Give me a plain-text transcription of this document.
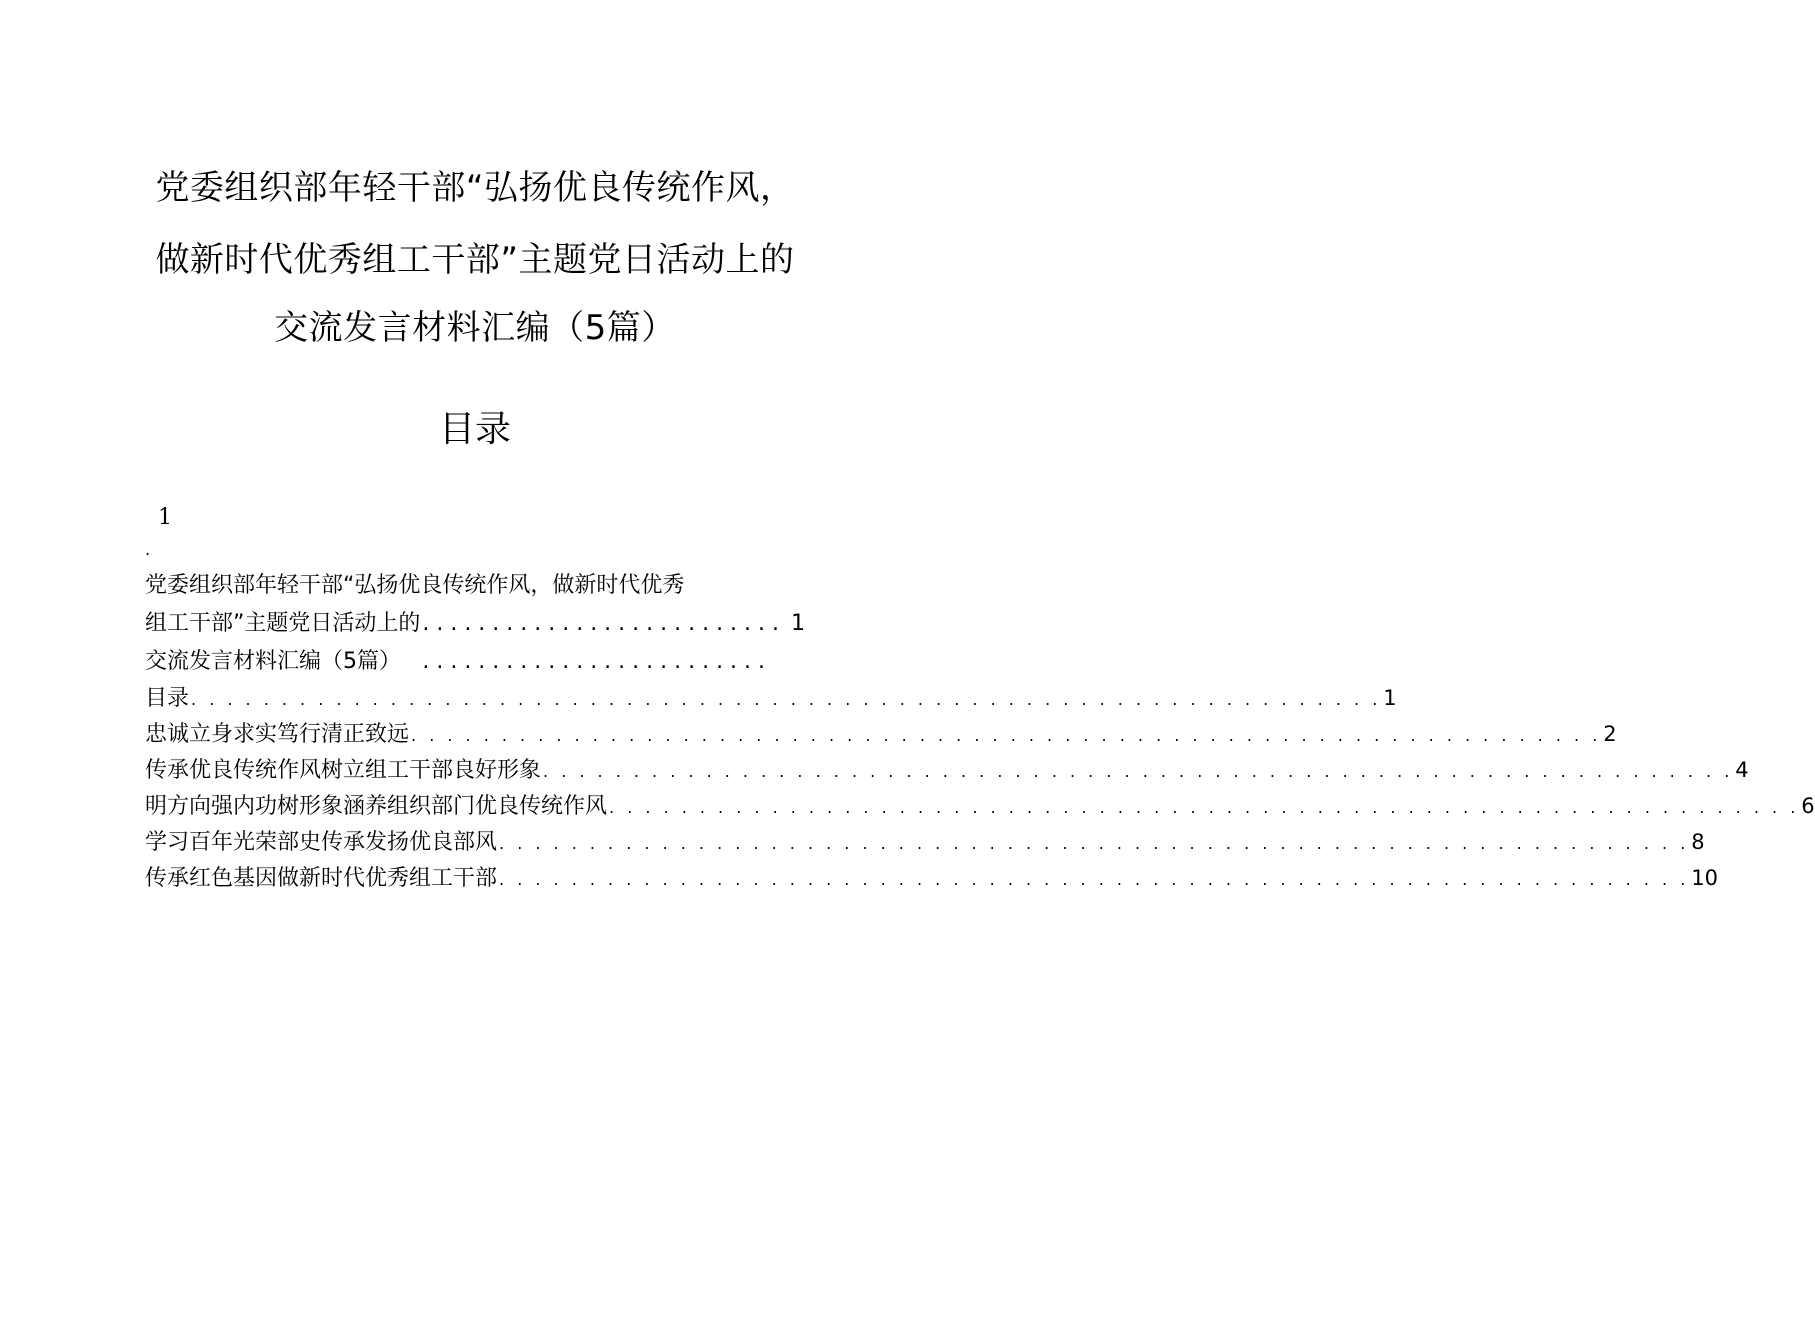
党委组织部年轻干部“弘扬优良传统作风，
做新时代优秀组工干部”主题党日活动上的
交流发言材料汇编（5篇）
目录
1
.
党委组织部年轻干部“弘扬优良传统作风，做新时代优秀
组工干部”主题党日活动上的交流发言材料汇编（5篇）
. . . . . . . . . . . . . . . . . . . . . . . . . . . . . . . . . . . . . . . . . . . . . . . . . . .
1
目录 . . . . . . . . . . . . . . . . . . . . . . . . . . . . . . . . . . . . . . . . . . . . . . . . . . . . . . . . . . . . . . . . . . 1
忠诚立身求实笃行清正致远 . . . . . . . . . . . . . . . . . . . . . . . . . . . . . . . . . . . . . . . . . . . . . . . . . . . . . . . . . . . . . . . . . . 2
传承优良传统作风树立组工干部良好形象 . . . . . . . . . . . . . . . . . . . . . . . . . . . . . . . . . . . . . . . . . . . . . . . . . . . . . . . . . . . . . . . . . . 4
明方向强内功树形象涵养组织部门优良传统作风 . . . . . . . . . . . . . . . . . . . . . . . . . . . . . . . . . . . . . . . . . . . . . . . . . . . . . . . . . . . . . . . . . . 6
学习百年光荣部史传承发扬优良部风 . . . . . . . . . . . . . . . . . . . . . . . . . . . . . . . . . . . . . . . . . . . . . . . . . . . . . . . . . . . . . . . . . . 8
传承红色基因做新时代优秀组工干部 . . . . . . . . . . . . . . . . . . . . . . . . . . . . . . . . . . . . . . . . . . . . . . . . . . . . . . . . . . . . . . . . . . 10
